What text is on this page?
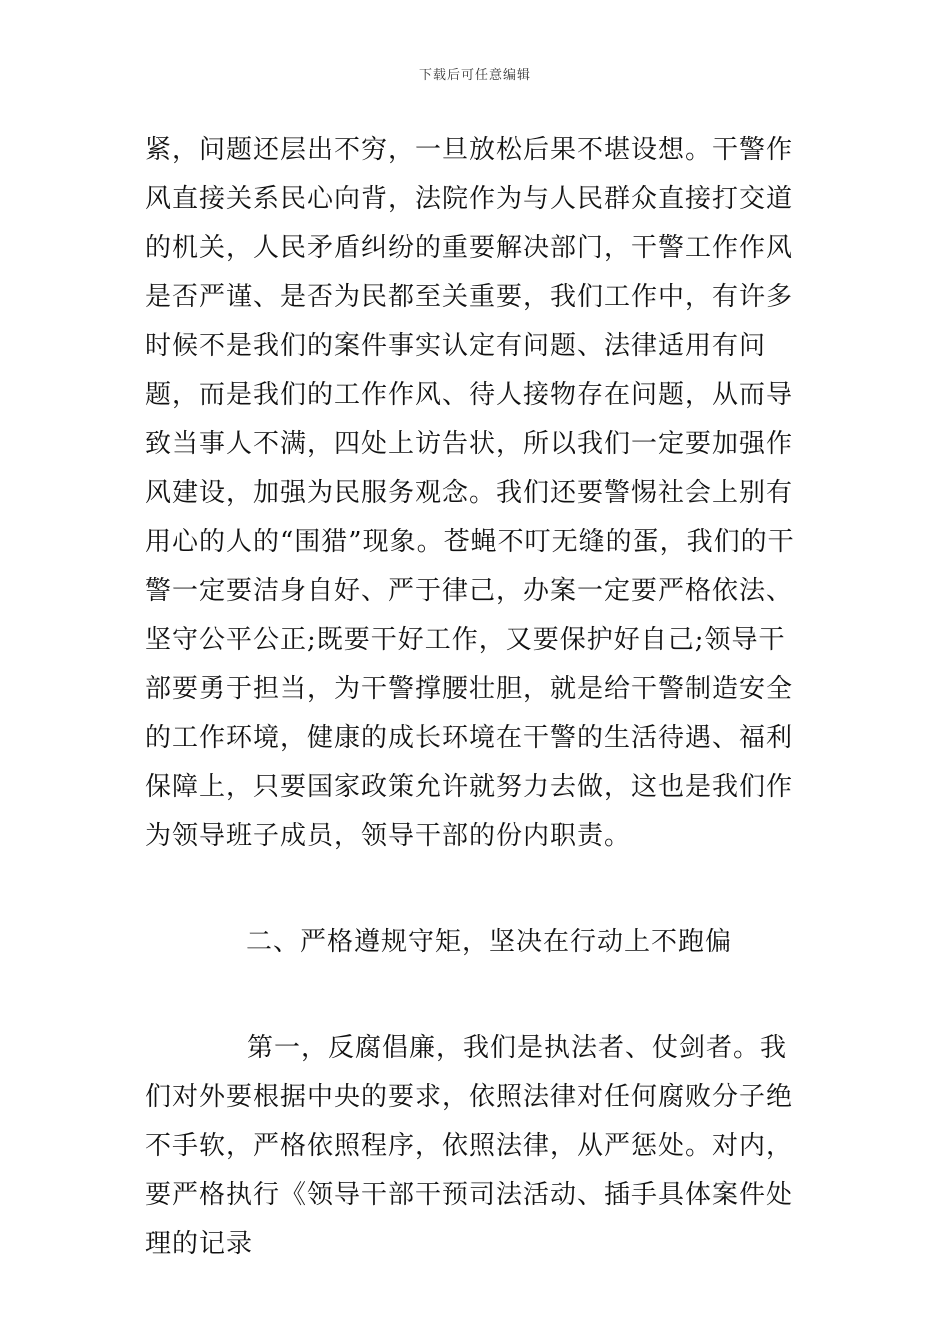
下载后可任意编辑

紧，问题还层出不穷，一旦放松后果不堪设想。干警作风直接关系民心向背，法院作为与人民群众直接打交道的机关，人民矛盾纠纷的重要解决部门，干警工作作风是否严谨、是否为民都至关重要，我们工作中，有许多时候不是我们的案件事实认定有问题、法律适用有问题，而是我们的工作作风、待人接物存在问题，从而导致当事人不满，四处上访告状，所以我们一定要加强作风建设，加强为民服务观念。我们还要警惕社会上别有用心的人的“围猎”现象。苍蝇不叮无缝的蛋，我们的干警一定要洁身自好、严于律己，办案一定要严格依法、坚守公平公正;既要干好工作，又要保护好自己;领导干部要勇于担当，为干警撑腰壮胆，就是给干警制造安全的工作环境，健康的成长环境在干警的生活待遇、福利保障上，只要国家政策允许就努力去做，这也是我们作为领导班子成员，领导干部的份内职责。

二、严格遵规守矩，坚决在行动上不跑偏

第一，反腐倡廉，我们是执法者、仗剑者。我们对外要根据中央的要求，依照法律对任何腐败分子绝不手软，严格依照程序，依照法律，从严惩处。对内，要严格执行《领导干部干预司法活动、插手具体案件处理的记录
